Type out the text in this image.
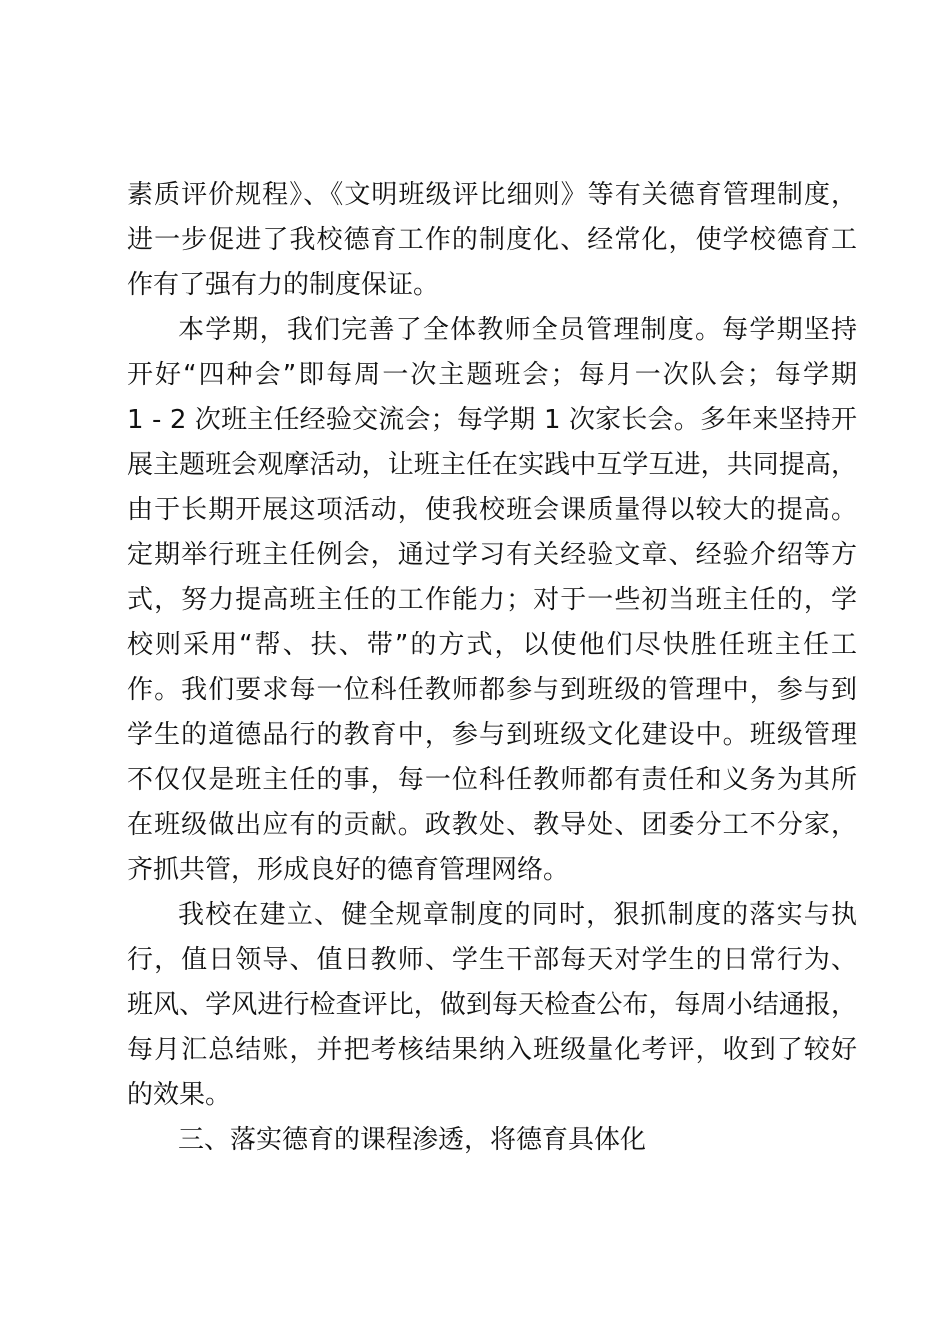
素质评价规程》、《文明班级评比细则》等有关德育管理制度，
进一步促进了我校德育工作的制度化、经常化，使学校德育工
作有了强有力的制度保证。
本学期，我们完善了全体教师全员管理制度。每学期坚持
开好“四种会”即每周一次主题班会；每月一次队会；每学期
1 - 2 次班主任经验交流会；每学期 1 次家长会。多年来坚持开
展主题班会观摩活动，让班主任在实践中互学互进，共同提高，
由于长期开展这项活动，使我校班会课质量得以较大的提高。
定期举行班主任例会，通过学习有关经验文章、经验介绍等方
式，努力提高班主任的工作能力；对于一些初当班主任的，学
校则采用“帮、扶、带”的方式，以使他们尽快胜任班主任工
作。我们要求每一位科任教师都参与到班级的管理中，参与到
学生的道德品行的教育中，参与到班级文化建设中。班级管理
不仅仅是班主任的事，每一位科任教师都有责任和义务为其所
在班级做出应有的贡献。政教处、教导处、团委分工不分家，
齐抓共管，形成良好的德育管理网络。
我校在建立、健全规章制度的同时，狠抓制度的落实与执
行，值日领导、值日教师、学生干部每天对学生的日常行为、
班风、学风进行检查评比，做到每天检查公布，每周小结通报，
每月汇总结账，并把考核结果纳入班级量化考评，收到了较好
的效果。
三、落实德育的课程渗透，将德育具体化
